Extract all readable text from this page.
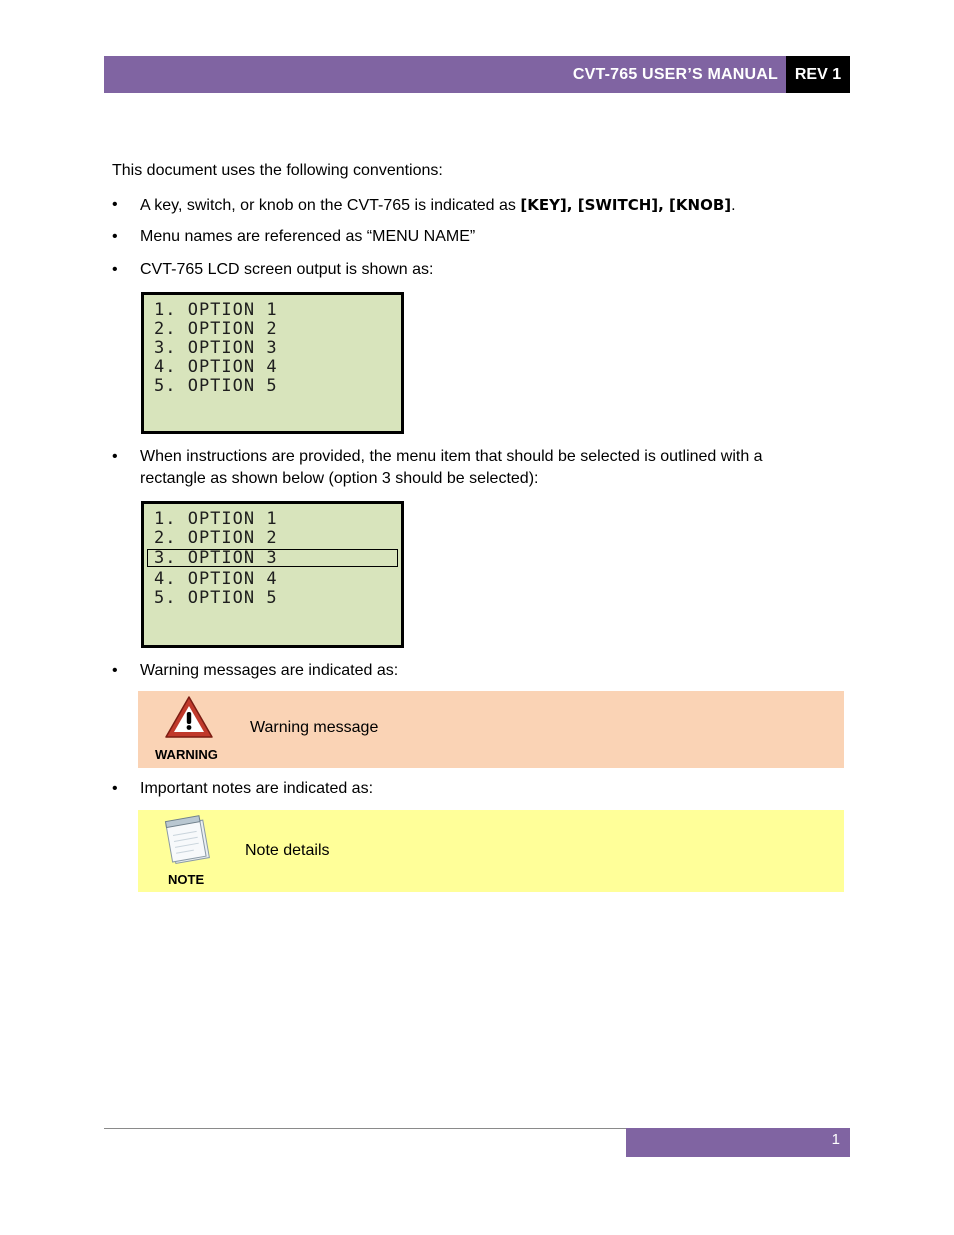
CVT-765 USER’S MANUAL	REV 1
This document uses the following conventions:
•	A key, switch, or knob on the CVT-765 is indicated as [KEY], [SWITCH], [KNOB].
•	Menu names are referenced as “MENU NAME”
•	CVT-765 LCD screen output is shown as:
1. OPTION 1
2. OPTION 2
3. OPTION 3
4. OPTION 4
5. OPTION 5
•	When instructions are provided, the menu item that should be selected is outlined with a rectangle as shown below (option 3 should be selected):
1. OPTION 1
2. OPTION 2
3. OPTION 3
4. OPTION 4
5. OPTION 5
•	Warning messages are indicated as:
WARNING
Warning message
•	Important notes are indicated as:
NOTE
Note details
1
